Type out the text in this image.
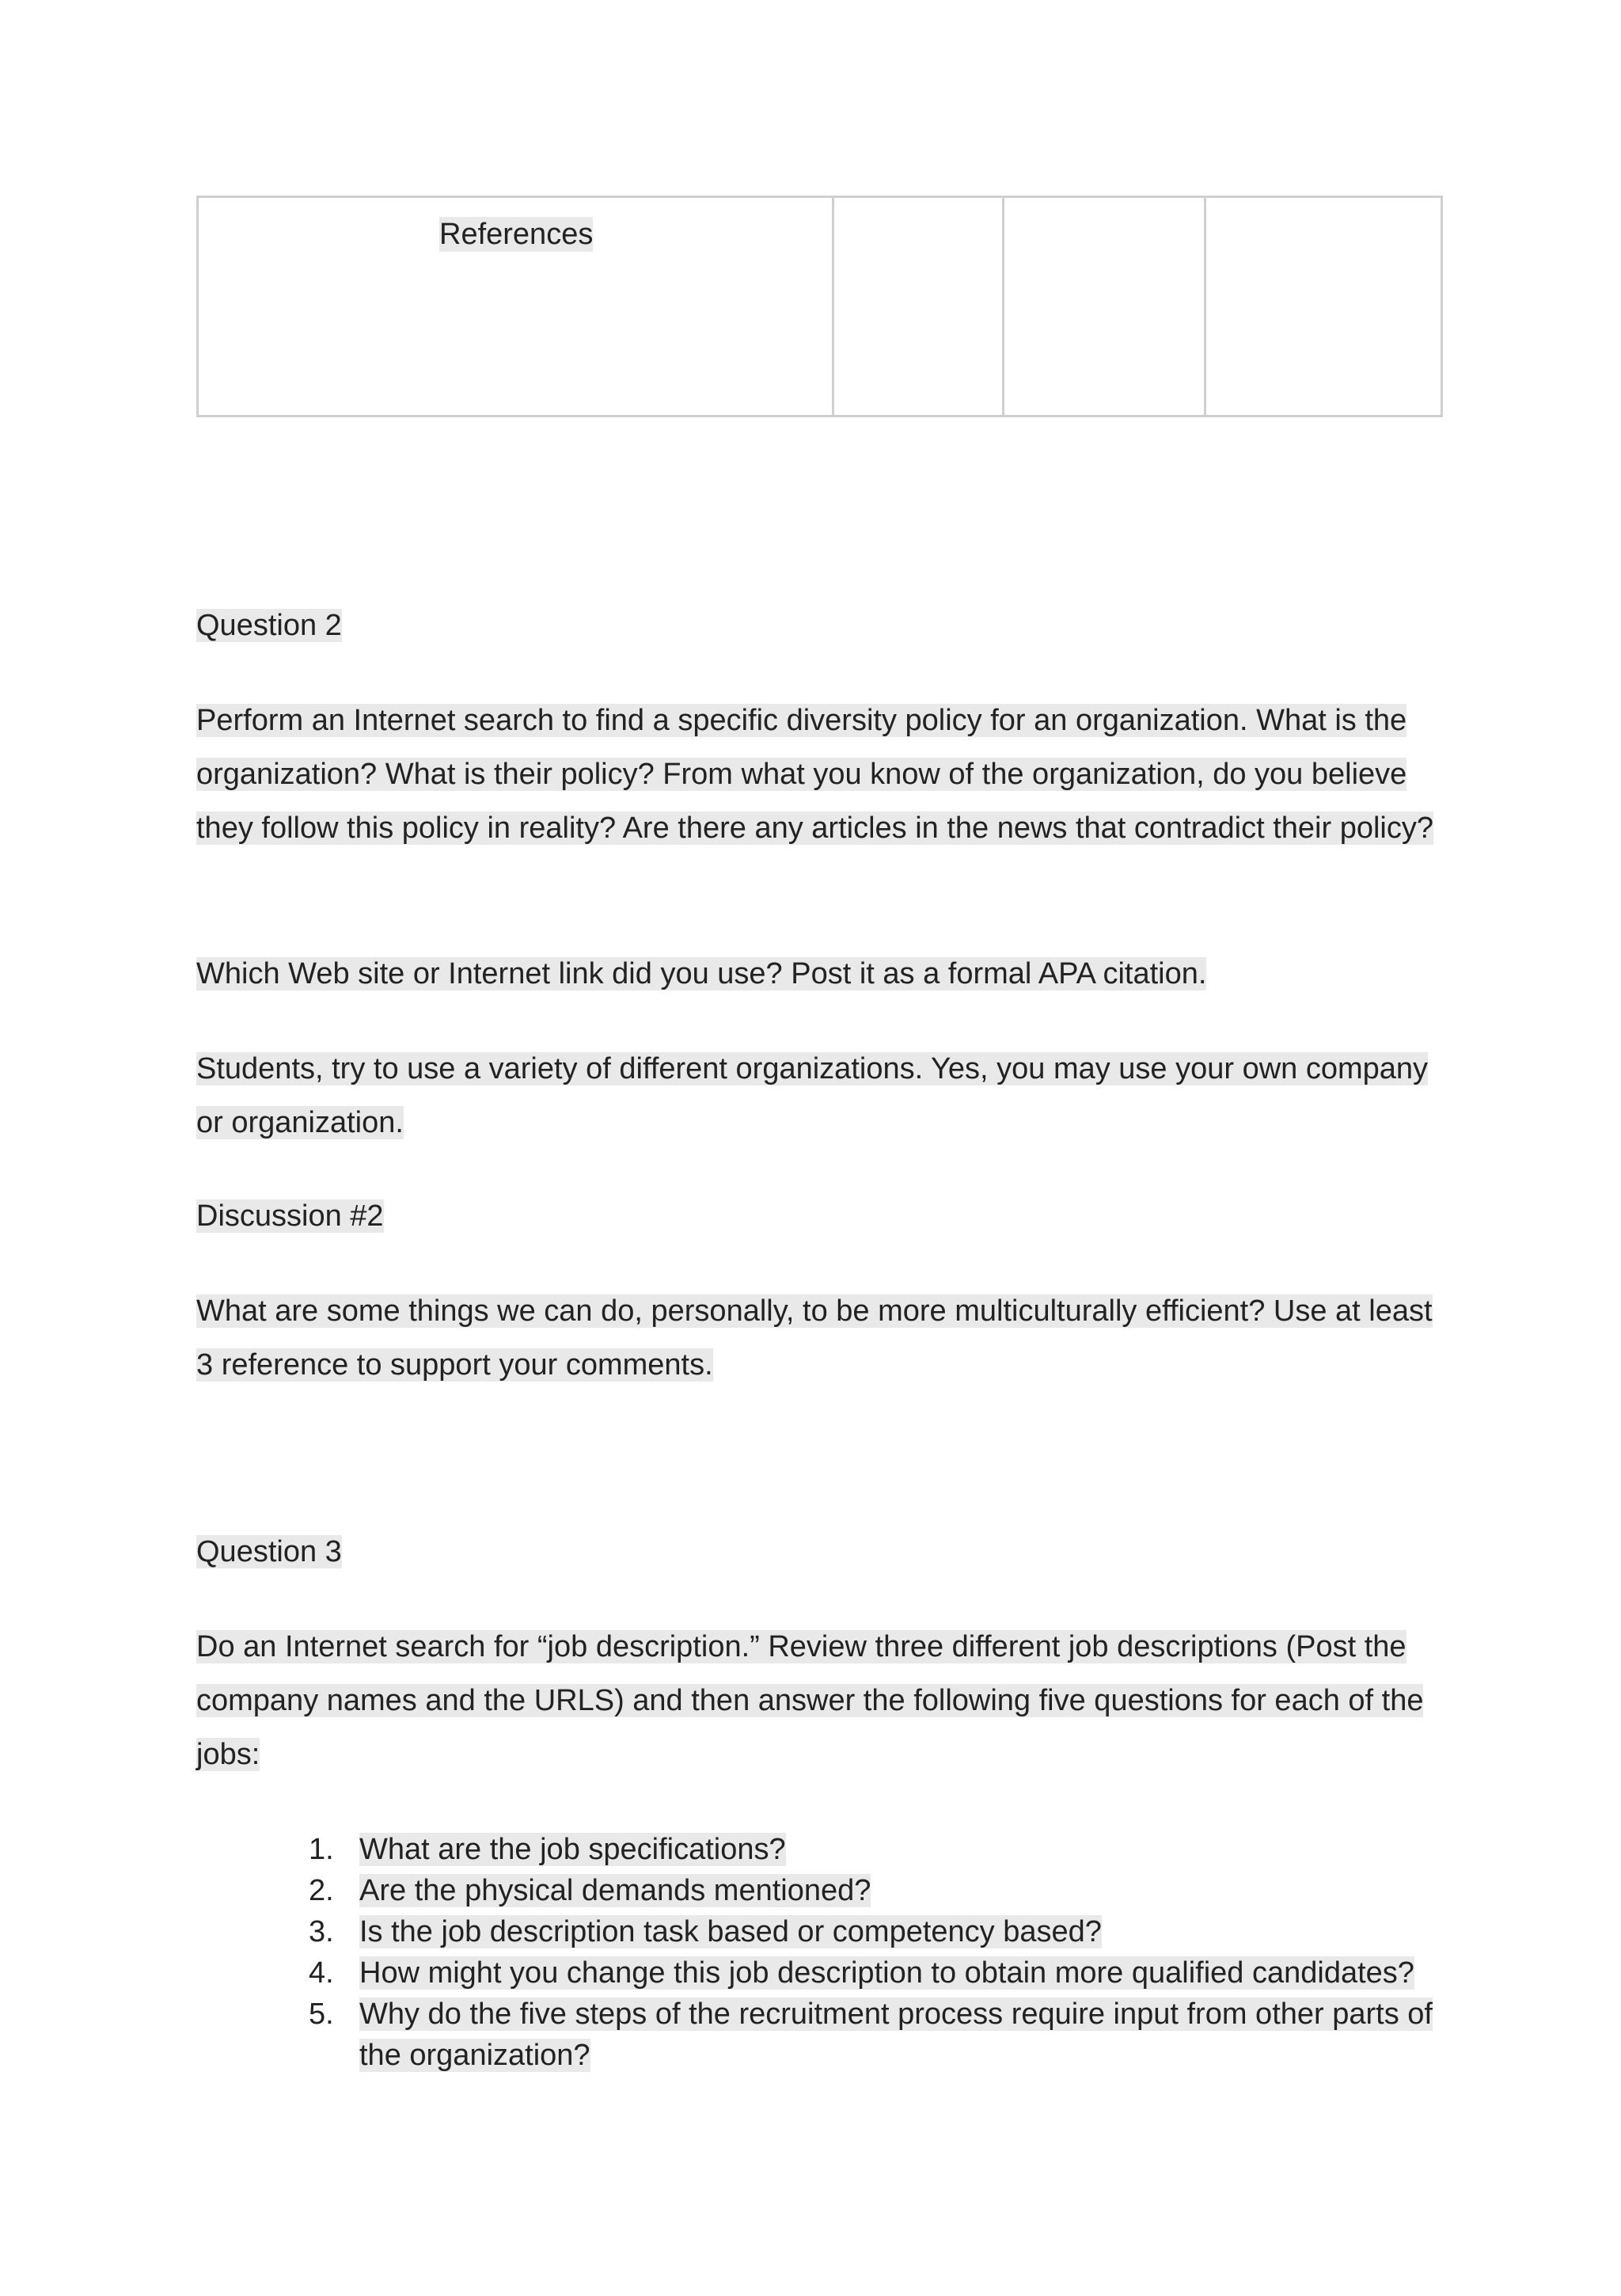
References			

Question 2

Perform an Internet search to find a specific diversity policy for an organization. What is the organization? What is their policy? From what you know of the organization, do you believe they follow this policy in reality? Are there any articles in the news that contradict their policy?

Which Web site or Internet link did you use? Post it as a formal APA citation.

Students, try to use a variety of different organizations. Yes, you may use your own company or organization.

Discussion #2

What are some things we can do, personally, to be more multiculturally efficient? Use at least 3 reference to support your comments.

Question 3

Do an Internet search for “job description.” Review three different job descriptions (Post the company names and the URLS) and then answer the following five questions for each of the jobs:

1. What are the job specifications?
2. Are the physical demands mentioned?
3. Is the job description task based or competency based?
4. How might you change this job description to obtain more qualified candidates?
5. Why do the five steps of the recruitment process require input from other parts of the organization?
